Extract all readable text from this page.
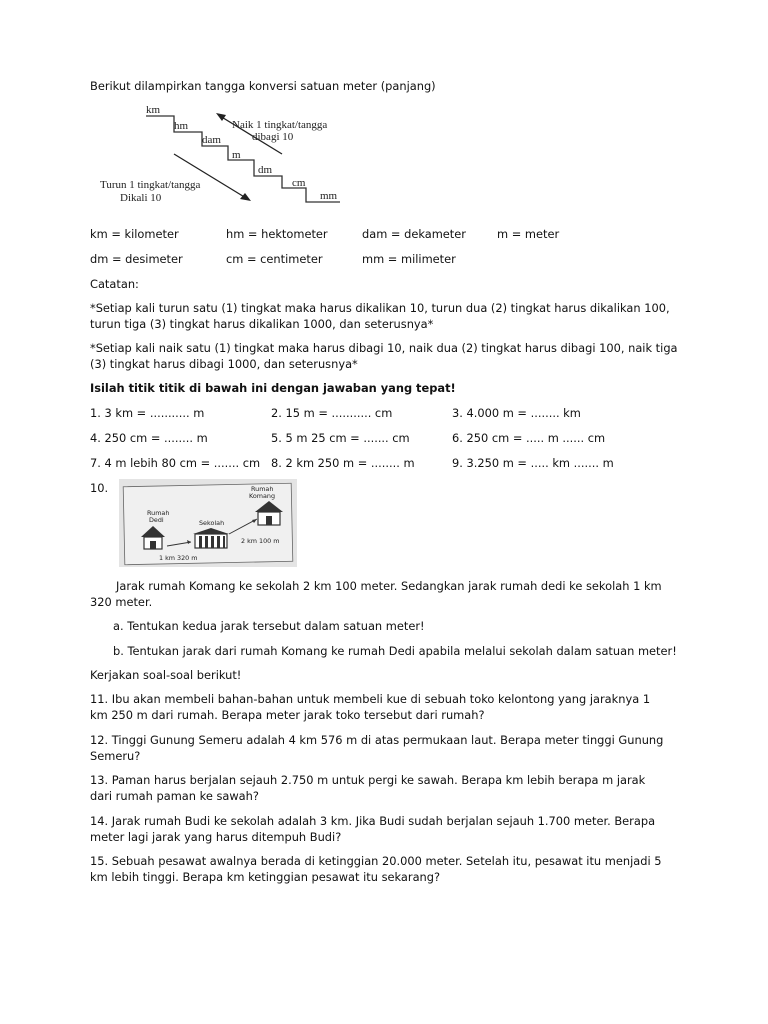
Berikut dilampirkan tangga konversi satuan meter (panjang)
km
hm
dam
m
dm
cm
mm
Naik 1 tingkat/tangga
dibagi 10
Turun 1 tingkat/tangga
Dikali 10
km = kilometer	hm = hektometer	dam = dekameter	m = meter
dm = desimeter	cm = centimeter	mm = milimeter
Catatan:
*Setiap kali turun satu (1) tingkat maka harus dikalikan 10, turun dua (2) tingkat harus dikalikan 100, turun tiga (3) tingkat harus dikalikan 1000, dan seterusnya*
*Setiap kali naik satu (1) tingkat maka harus dibagi 10, naik dua (2) tingkat harus dibagi 100, naik tiga (3) tingkat harus dibagi 1000, dan seterusnya*
Isilah titik titik di bawah ini dengan jawaban yang tepat!
1. 3 km = ........... m	2. 15 m = ........... cm	3. 4.000 m = ........ km
4. 250 cm = ........ m	5. 5 m 25 cm = ....... cm	6. 250 cm = ..... m ...... cm
7. 4 m lebih 80 cm = ....... cm 8. 2 km 250 m = ........ m	9. 3.250 m = ..... km ....... m
10.
Rumah
Dedi	Sekolah
Rumah
Komang
1 km 320 m
2 km 100 m
Jarak rumah Komang ke sekolah 2 km 100 meter. Sedangkan jarak rumah dedi ke sekolah 1 km 320 meter.
a. Tentukan kedua jarak tersebut dalam satuan meter!
b. Tentukan jarak dari rumah Komang ke rumah Dedi apabila melalui sekolah dalam satuan meter!
Kerjakan soal-soal berikut!
11. Ibu akan membeli bahan-bahan untuk membeli kue di sebuah toko kelontong yang jaraknya 1 km 250 m dari rumah. Berapa meter jarak toko tersebut dari rumah?
12. Tinggi Gunung Semeru adalah 4 km 576 m di atas permukaan laut. Berapa meter tinggi Gunung Semeru?
13. Paman harus berjalan sejauh 2.750 m untuk pergi ke sawah. Berapa km lebih berapa m jarak dari rumah paman ke sawah?
14. Jarak rumah Budi ke sekolah adalah 3 km. Jika Budi sudah berjalan sejauh 1.700 meter. Berapa meter lagi jarak yang harus ditempuh Budi?
15. Sebuah pesawat awalnya berada di ketinggian 20.000 meter. Setelah itu, pesawat itu menjadi 5 km lebih tinggi. Berapa km ketinggian pesawat itu sekarang?
